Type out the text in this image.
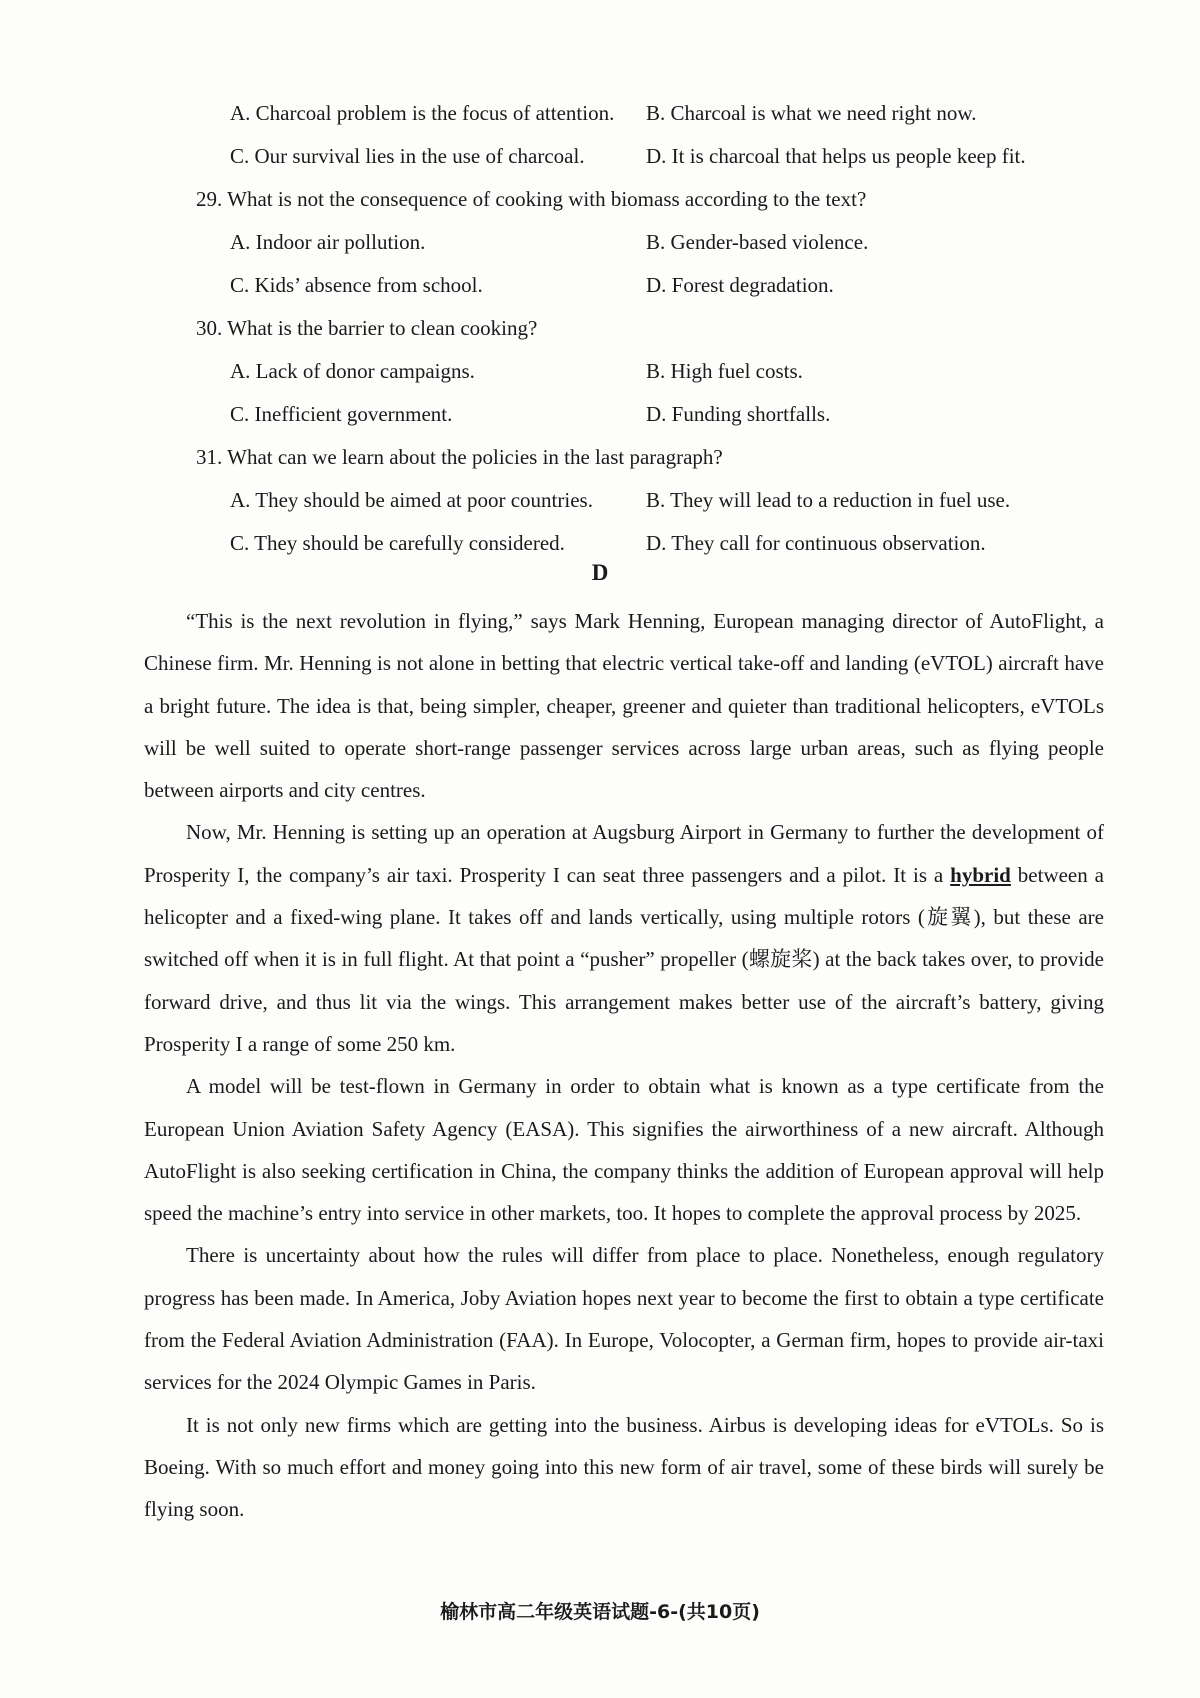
A. Charcoal problem is the focus of attention.	B. Charcoal is what we need right now.
C. Our survival lies in the use of charcoal.	D. It is charcoal that helps us people keep fit.
29. What is not the consequence of cooking with biomass according to the text?
A. Indoor air pollution.	B. Gender-based violence.
C. Kids’ absence from school.	D. Forest degradation.
30. What is the barrier to clean cooking?
A. Lack of donor campaigns.	B. High fuel costs.
C. Inefficient government.	D. Funding shortfalls.
31. What can we learn about the policies in the last paragraph?
A. They should be aimed at poor countries.	B. They will lead to a reduction in fuel use.
C. They should be carefully considered.	D. They call for continuous observation.
D

“This is the next revolution in flying,” says Mark Henning, European managing director of AutoFlight, a Chinese firm. Mr. Henning is not alone in betting that electric vertical take-off and landing (eVTOL) aircraft have a bright future. The idea is that, being simpler, cheaper, greener and quieter than traditional helicopters, eVTOLs will be well suited to operate short-range passenger services across large urban areas, such as flying people between airports and city centres.

Now, Mr. Henning is setting up an operation at Augsburg Airport in Germany to further the development of Prosperity I, the company’s air taxi. Prosperity I can seat three passengers and a pilot. It is a hybrid between a helicopter and a fixed-wing plane. It takes off and lands vertically, using multiple rotors (旋翼), but these are switched off when it is in full flight. At that point a “pusher” propeller (螺旋桨) at the back takes over, to provide forward drive, and thus lit via the wings. This arrangement makes better use of the aircraft’s battery, giving Prosperity I a range of some 250 km.

A model will be test-flown in Germany in order to obtain what is known as a type certificate from the European Union Aviation Safety Agency (EASA). This signifies the airworthiness of a new aircraft. Although AutoFlight is also seeking certification in China, the company thinks the addition of European approval will help speed the machine’s entry into service in other markets, too. It hopes to complete the approval process by 2025.

There is uncertainty about how the rules will differ from place to place. Nonetheless, enough regulatory progress has been made. In America, Joby Aviation hopes next year to become the first to obtain a type certificate from the Federal Aviation Administration (FAA). In Europe, Volocopter, a German firm, hopes to provide air-taxi services for the 2024 Olympic Games in Paris.

It is not only new firms which are getting into the business. Airbus is developing ideas for eVTOLs. So is Boeing. With so much effort and money going into this new form of air travel, some of these birds will surely be flying soon.

榆林市高二年级英语试题-6-(共10页)
